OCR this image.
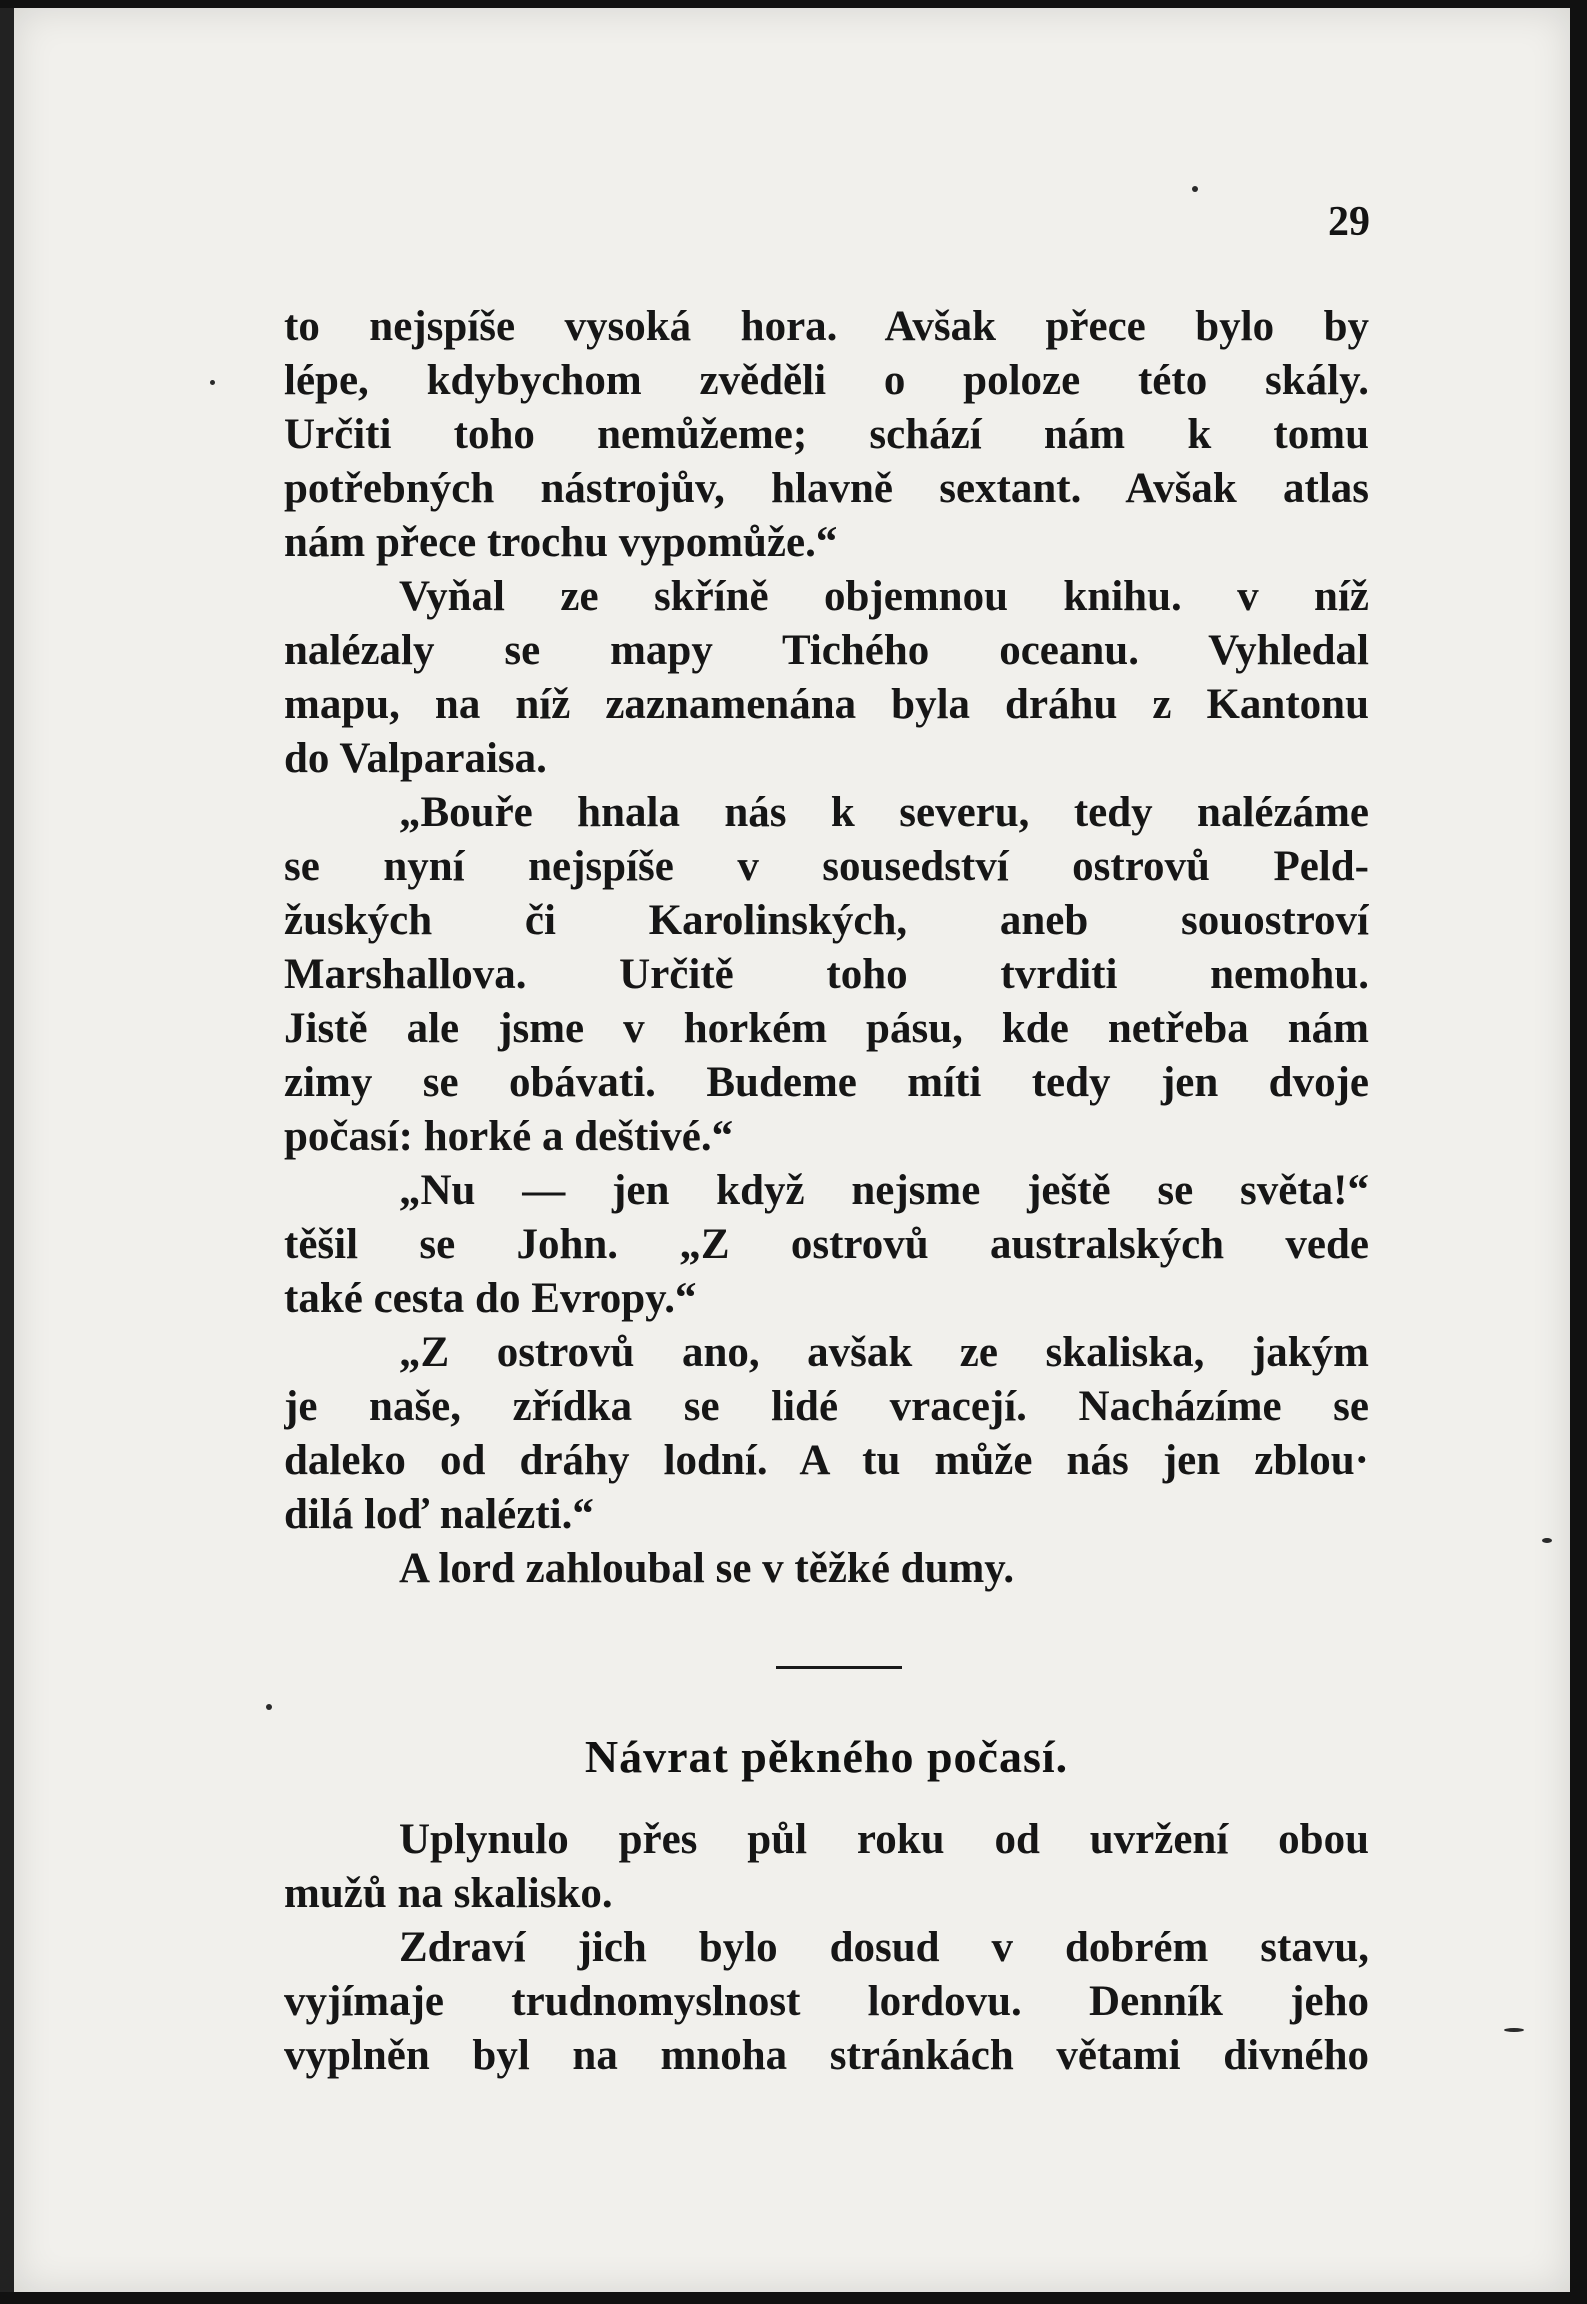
29
to nejspíše vysoká hora. Avšak přece bylo by
lépe, kdybychom zvěděli o poloze této skály.
Určiti toho nemůžeme; schází nám k tomu
potřebných nástrojův, hlavně sextant. Avšak atlas
nám přece trochu vypomůže.“
Vyňal ze skříně objemnou knihu. v níž
nalézaly se mapy Tichého oceanu. Vyhledal
mapu, na níž zaznamenána byla dráhu z Kantonu
do Valparaisa.
„Bouře hnala nás k severu, tedy nalézáme
se nyní nejspíše v sousedství ostrovů Peld-
žuských či Karolinských, aneb souostroví
Marshallova. Určitě toho tvrditi nemohu.
Jistě ale jsme v horkém pásu, kde netřeba nám
zimy se obávati. Budeme míti tedy jen dvoje
počasí: horké a deštivé.“
„Nu — jen když nejsme ještě se světa!“
těšil se John. „Z ostrovů australských vede
také cesta do Evropy.“
„Z ostrovů ano, avšak ze skaliska, jakým
je naše, zřídka se lidé vracejí. Nacházíme se
daleko od dráhy lodní. A tu může nás jen zblou·
dilá loď nalézti.“
A lord zahloubal se v těžké dumy.
Návrat pěkného počasí.
Uplynulo přes půl roku od uvržení obou
mužů na skalisko.
Zdraví jich bylo dosud v dobrém stavu,
vyjímaje trudnomyslnost lordovu. Denník jeho
vyplněn byl na mnoha stránkách větami divného
